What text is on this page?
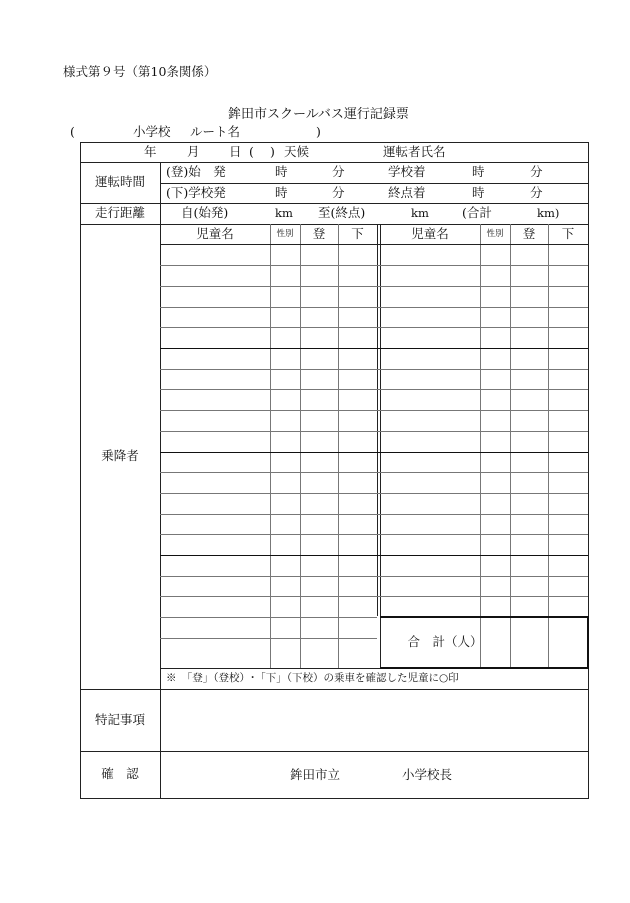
様式第９号（第10条関係）
鉾田市スクールバス運行記録票
(	小学校 ルート名	)
年 月 日 ( ) 天候	運転者氏名
運転時間
(登)始　発	時	分	学校着	時	分
(下)学校発	時	分	終点着	時	分
走行距離	自(始発)	km 至(終点)	km	(合計	km)
乗降者
児童名	性別	登	下	児童名	性別	登	下
合　計（人）
※　「登」（登校）･「下」（下校）の乗車を確認した児童に○印
特記事項
確　認	鉾田市立	小学校長
